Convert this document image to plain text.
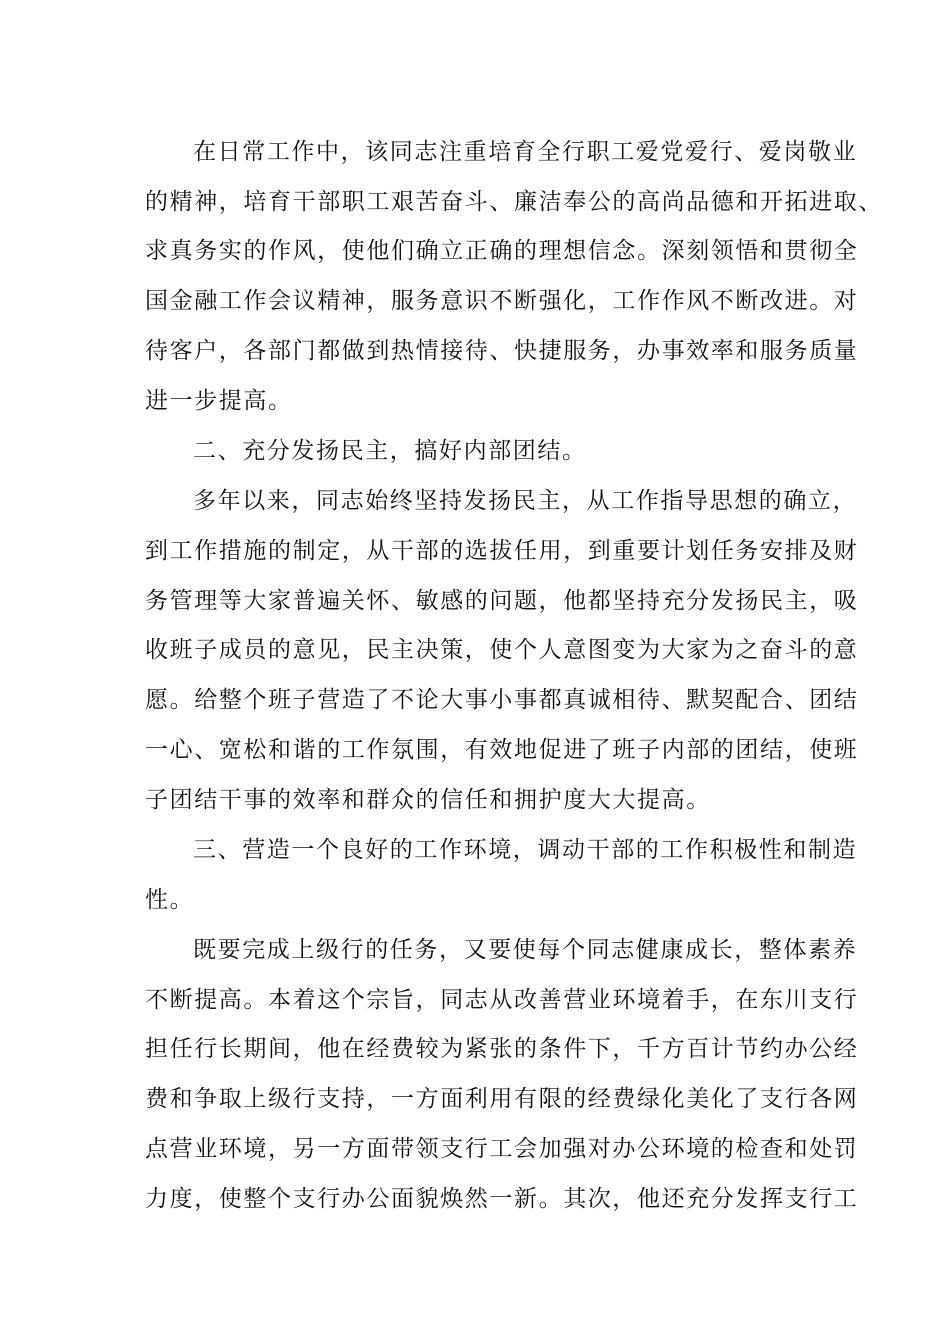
在日常工作中，该同志注重培育全行职工爱党爱行、爱岗敬业
的精神，培育干部职工艰苦奋斗、廉洁奉公的高尚品德和开拓进取、
求真务实的作风，使他们确立正确的理想信念。深刻领悟和贯彻全
国金融工作会议精神，服务意识不断强化，工作作风不断改进。对
待客户，各部门都做到热情接待、快捷服务，办事效率和服务质量
进一步提高。
二、充分发扬民主，搞好内部团结。
多年以来，同志始终坚持发扬民主，从工作指导思想的确立，
到工作措施的制定，从干部的选拔任用，到重要计划任务安排及财
务管理等大家普遍关怀、敏感的问题，他都坚持充分发扬民主，吸
收班子成员的意见，民主决策，使个人意图变为大家为之奋斗的意
愿。给整个班子营造了不论大事小事都真诚相待、默契配合、团结
一心、宽松和谐的工作氛围，有效地促进了班子内部的团结，使班
子团结干事的效率和群众的信任和拥护度大大提高。
三、营造一个良好的工作环境，调动干部的工作积极性和制造
性。
既要完成上级行的任务，又要使每个同志健康成长，整体素养
不断提高。本着这个宗旨，同志从改善营业环境着手，在东川支行
担任行长期间，他在经费较为紧张的条件下，千方百计节约办公经
费和争取上级行支持，一方面利用有限的经费绿化美化了支行各网
点营业环境，另一方面带领支行工会加强对办公环境的检查和处罚
力度，使整个支行办公面貌焕然一新。其次，他还充分发挥支行工
